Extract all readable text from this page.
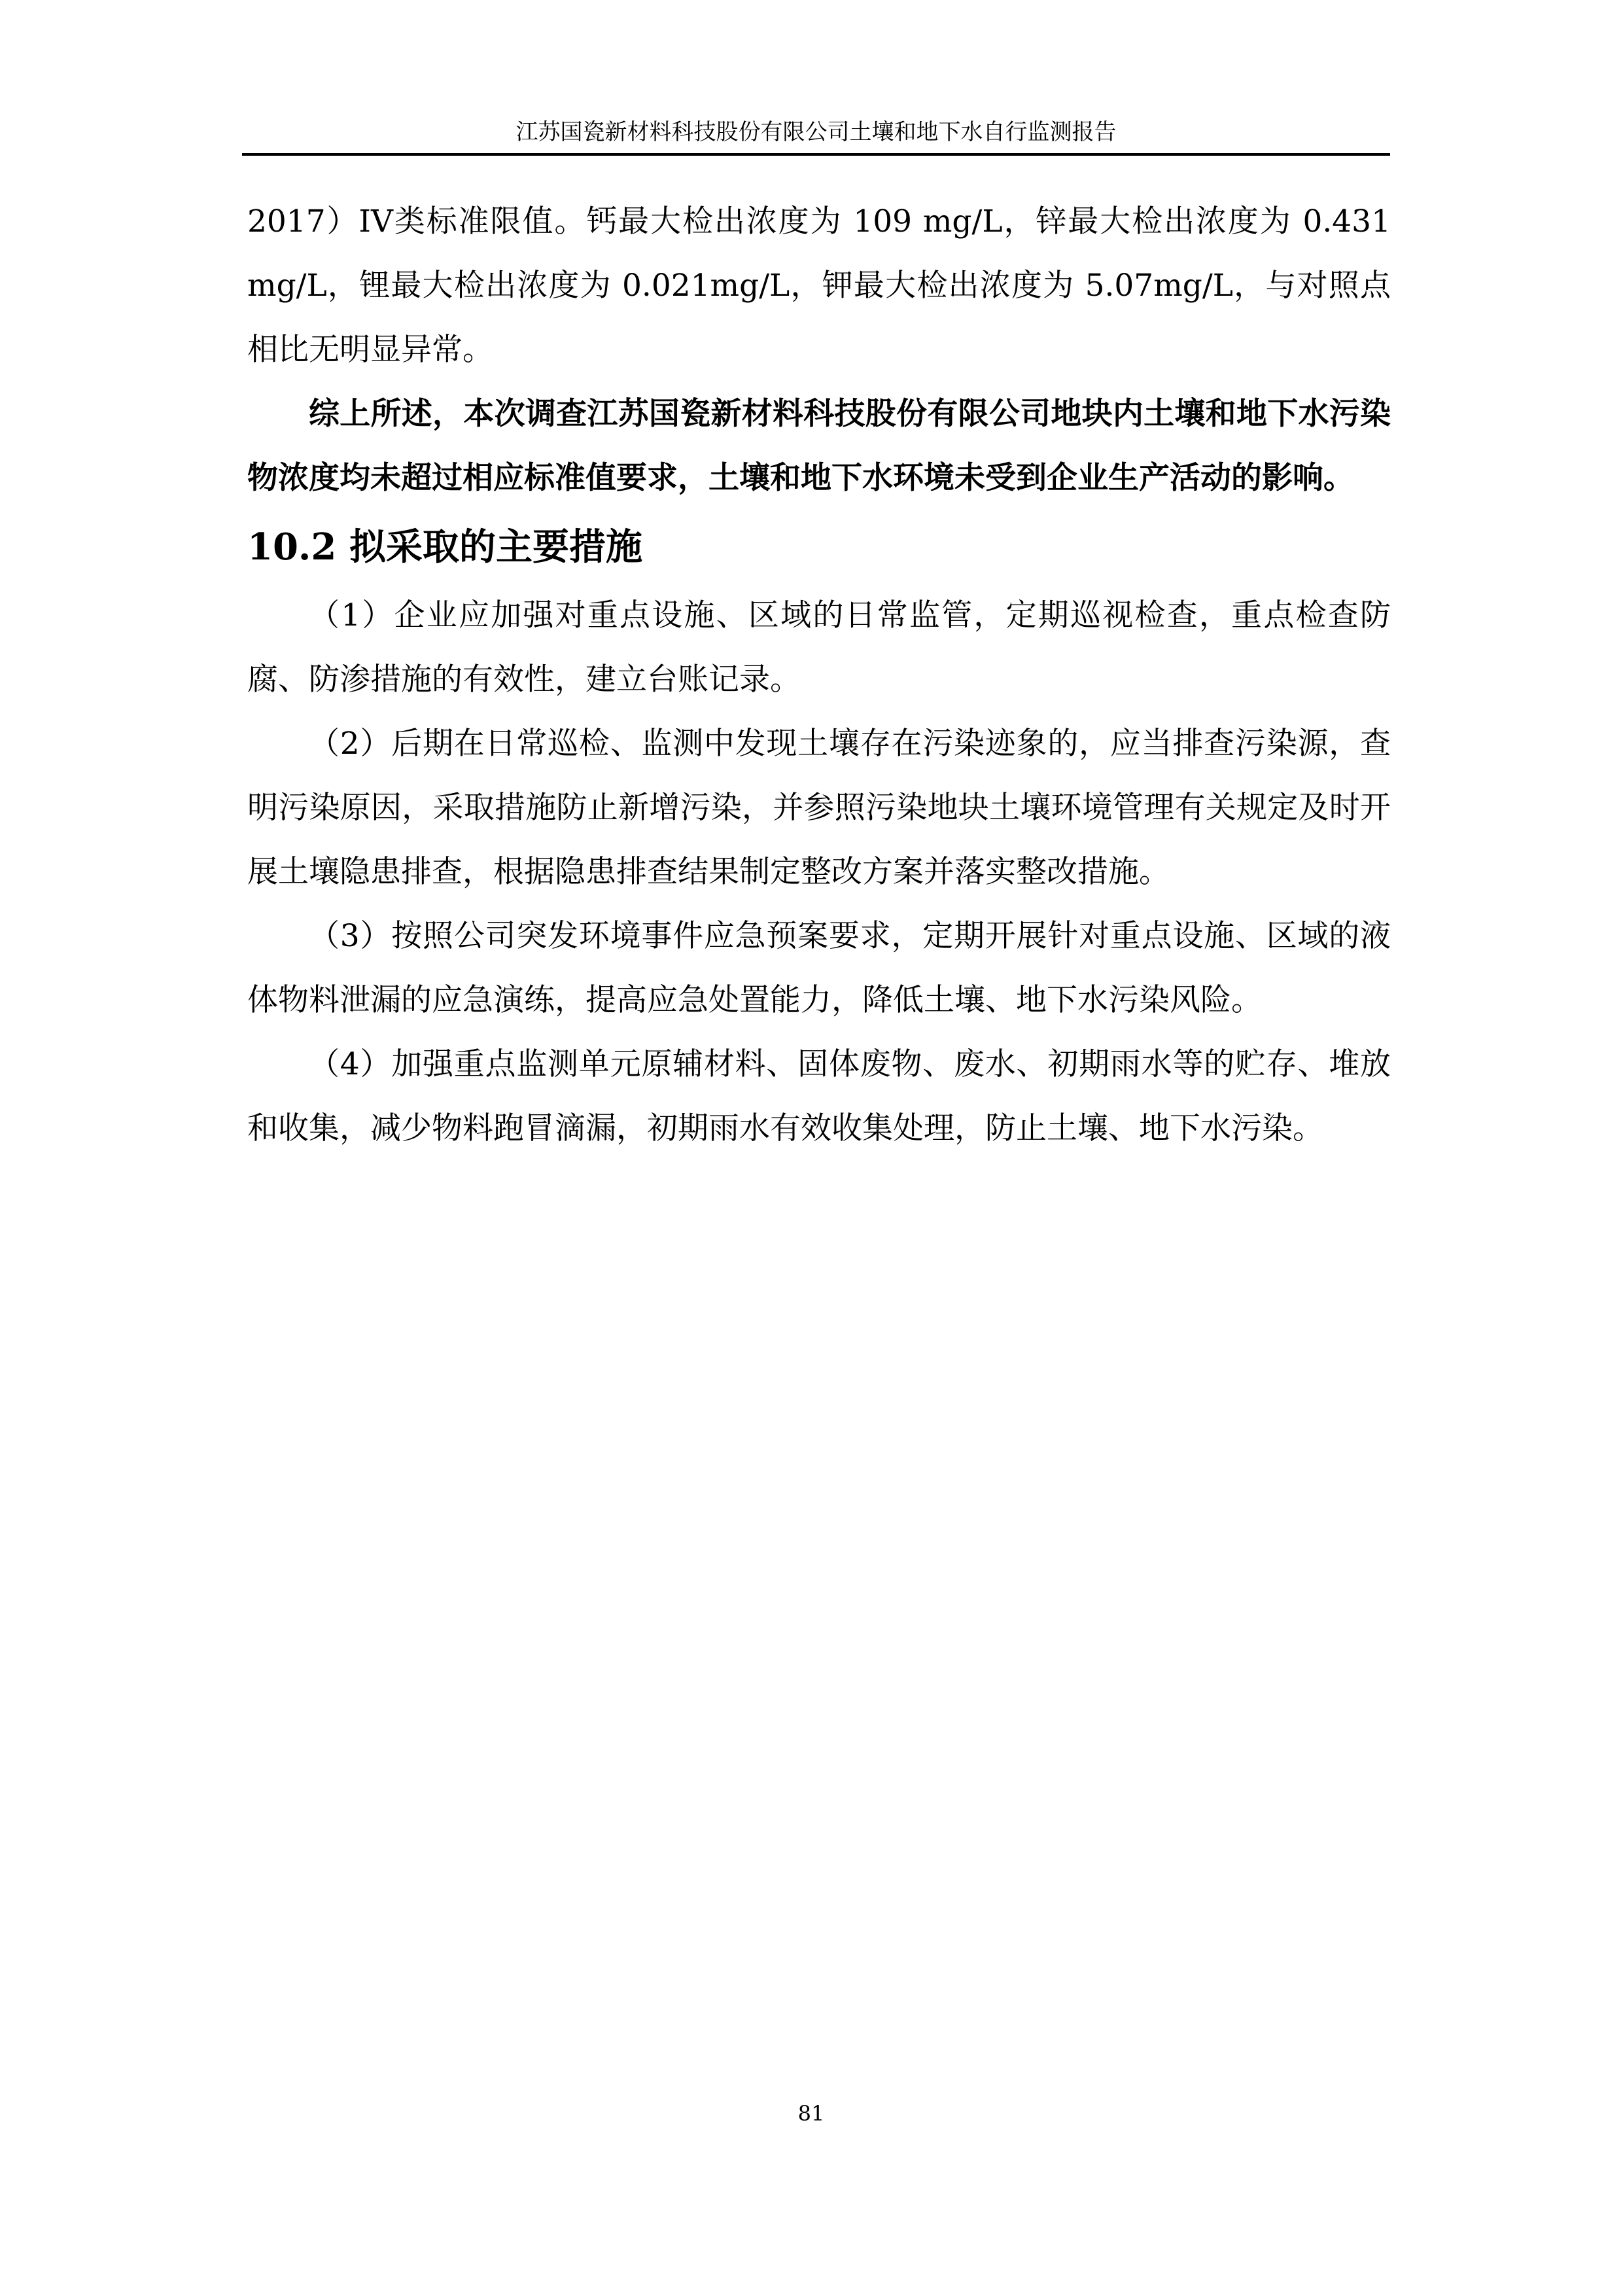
江苏国瓷新材料科技股份有限公司土壤和地下水自行监测报告

2017）IV类标准限值。钙最大检出浓度为 109 mg/L，锌最大检出浓度为 0.431 mg/L，锂最大检出浓度为 0.021mg/L，钾最大检出浓度为 5.07mg/L，与对照点相比无明显异常。

综上所述，本次调查江苏国瓷新材料科技股份有限公司地块内土壤和地下水污染物浓度均未超过相应标准值要求，土壤和地下水环境未受到企业生产活动的影响。

10.2 拟采取的主要措施

（1）企业应加强对重点设施、区域的日常监管，定期巡视检查，重点检查防腐、防渗措施的有效性，建立台账记录。

（2）后期在日常巡检、监测中发现土壤存在污染迹象的，应当排查污染源，查明污染原因，采取措施防止新增污染，并参照污染地块土壤环境管理有关规定及时开展土壤隐患排查，根据隐患排查结果制定整改方案并落实整改措施。

（3）按照公司突发环境事件应急预案要求，定期开展针对重点设施、区域的液体物料泄漏的应急演练，提高应急处置能力，降低土壤、地下水污染风险。

（4）加强重点监测单元原辅材料、固体废物、废水、初期雨水等的贮存、堆放和收集，减少物料跑冒滴漏，初期雨水有效收集处理，防止土壤、地下水污染。

81
